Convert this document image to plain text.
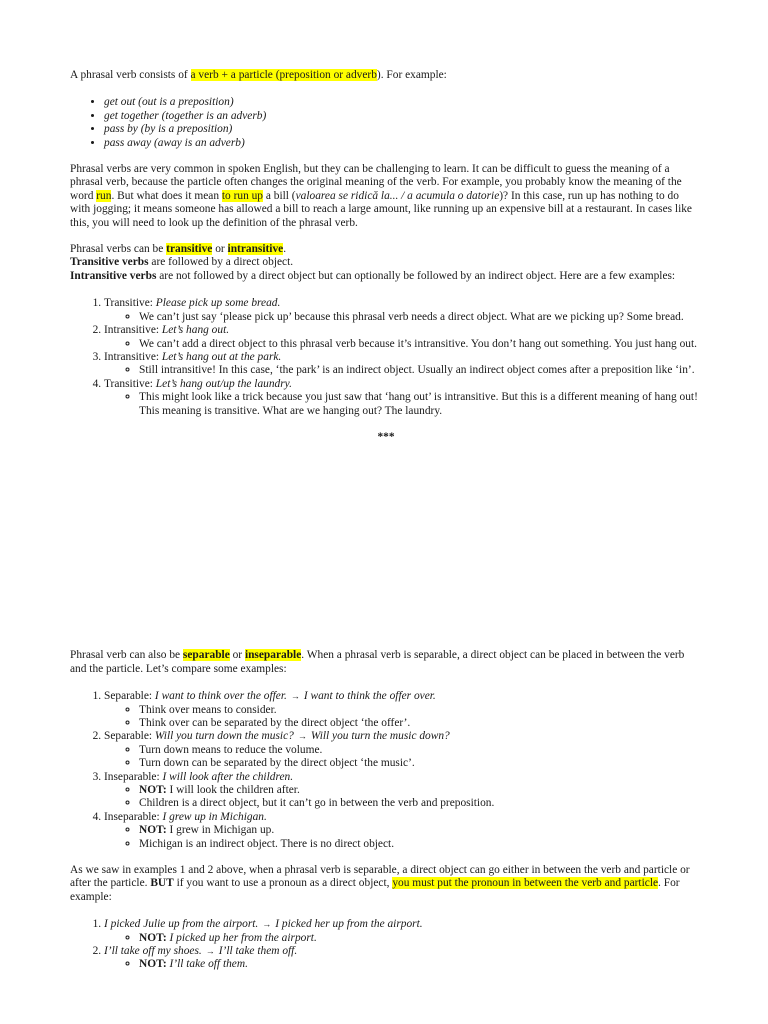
A phrasal verb consists of a verb + a particle (preposition or adverb). For example:

• get out (out is a preposition)
• get together (together is an adverb)
• pass by (by is a preposition)
• pass away (away is an adverb)

Phrasal verbs are very common in spoken English, but they can be challenging to learn. It can be difficult to guess the meaning of a phrasal verb, because the particle often changes the original meaning of the verb. For example, you probably know the meaning of the word run. But what does it mean to run up a bill (valoarea se ridică la... / a acumula o datorie)? In this case, run up has nothing to do with jogging; it means someone has allowed a bill to reach a large amount, like running up an expensive bill at a restaurant. In cases like this, you will need to look up the definition of the phrasal verb.

Phrasal verbs can be transitive or intransitive.

Transitive verbs are followed by a direct object.

Intransitive verbs are not followed by a direct object but can optionally be followed by an indirect object. Here are a few examples:

1. Transitive: Please pick up some bread.
◦ We can’t just say ‘please pick up’ because this phrasal verb needs a direct object. What are we picking up? Some bread.
2. Intransitive: Let’s hang out.
◦ We can’t add a direct object to this phrasal verb because it’s intransitive. You don’t hang out something. You just hang out.
3. Intransitive: Let’s hang out at the park.
◦ Still intransitive! In this case, ‘the park’ is an indirect object. Usually an indirect object comes after a preposition like ‘in’.
4. Transitive: Let’s hang out/up the laundry.
◦ This might look like a trick because you just saw that ‘hang out’ is intransitive. But this is a different meaning of hang out! This meaning is transitive. What are we hanging out? The laundry.

***

Phrasal verb can also be separable or inseparable. When a phrasal verb is separable, a direct object can be placed in between the verb and the particle. Let’s compare some examples:

1. Separable: I want to think over the offer. → I want to think the offer over.
◦ Think over means to consider.
◦ Think over can be separated by the direct object ‘the offer’.
2. Separable: Will you turn down the music? → Will you turn the music down?
◦ Turn down means to reduce the volume.
◦ Turn down can be separated by the direct object ‘the music’.
3. Inseparable: I will look after the children.
◦ NOT: I will look the children after.
◦ Children is a direct object, but it can’t go in between the verb and preposition.
4. Inseparable: I grew up in Michigan.
◦ NOT: I grew in Michigan up.
◦ Michigan is an indirect object. There is no direct object.

As we saw in examples 1 and 2 above, when a phrasal verb is separable, a direct object can go either in between the verb and particle or after the particle. BUT if you want to use a pronoun as a direct object, you must put the pronoun in between the verb and particle. For example:

1. I picked Julie up from the airport. → I picked her up from the airport.
◦ NOT: I picked up her from the airport.
2. I’ll take off my shoes. → I’ll take them off.
◦ NOT: I’ll take off them.
